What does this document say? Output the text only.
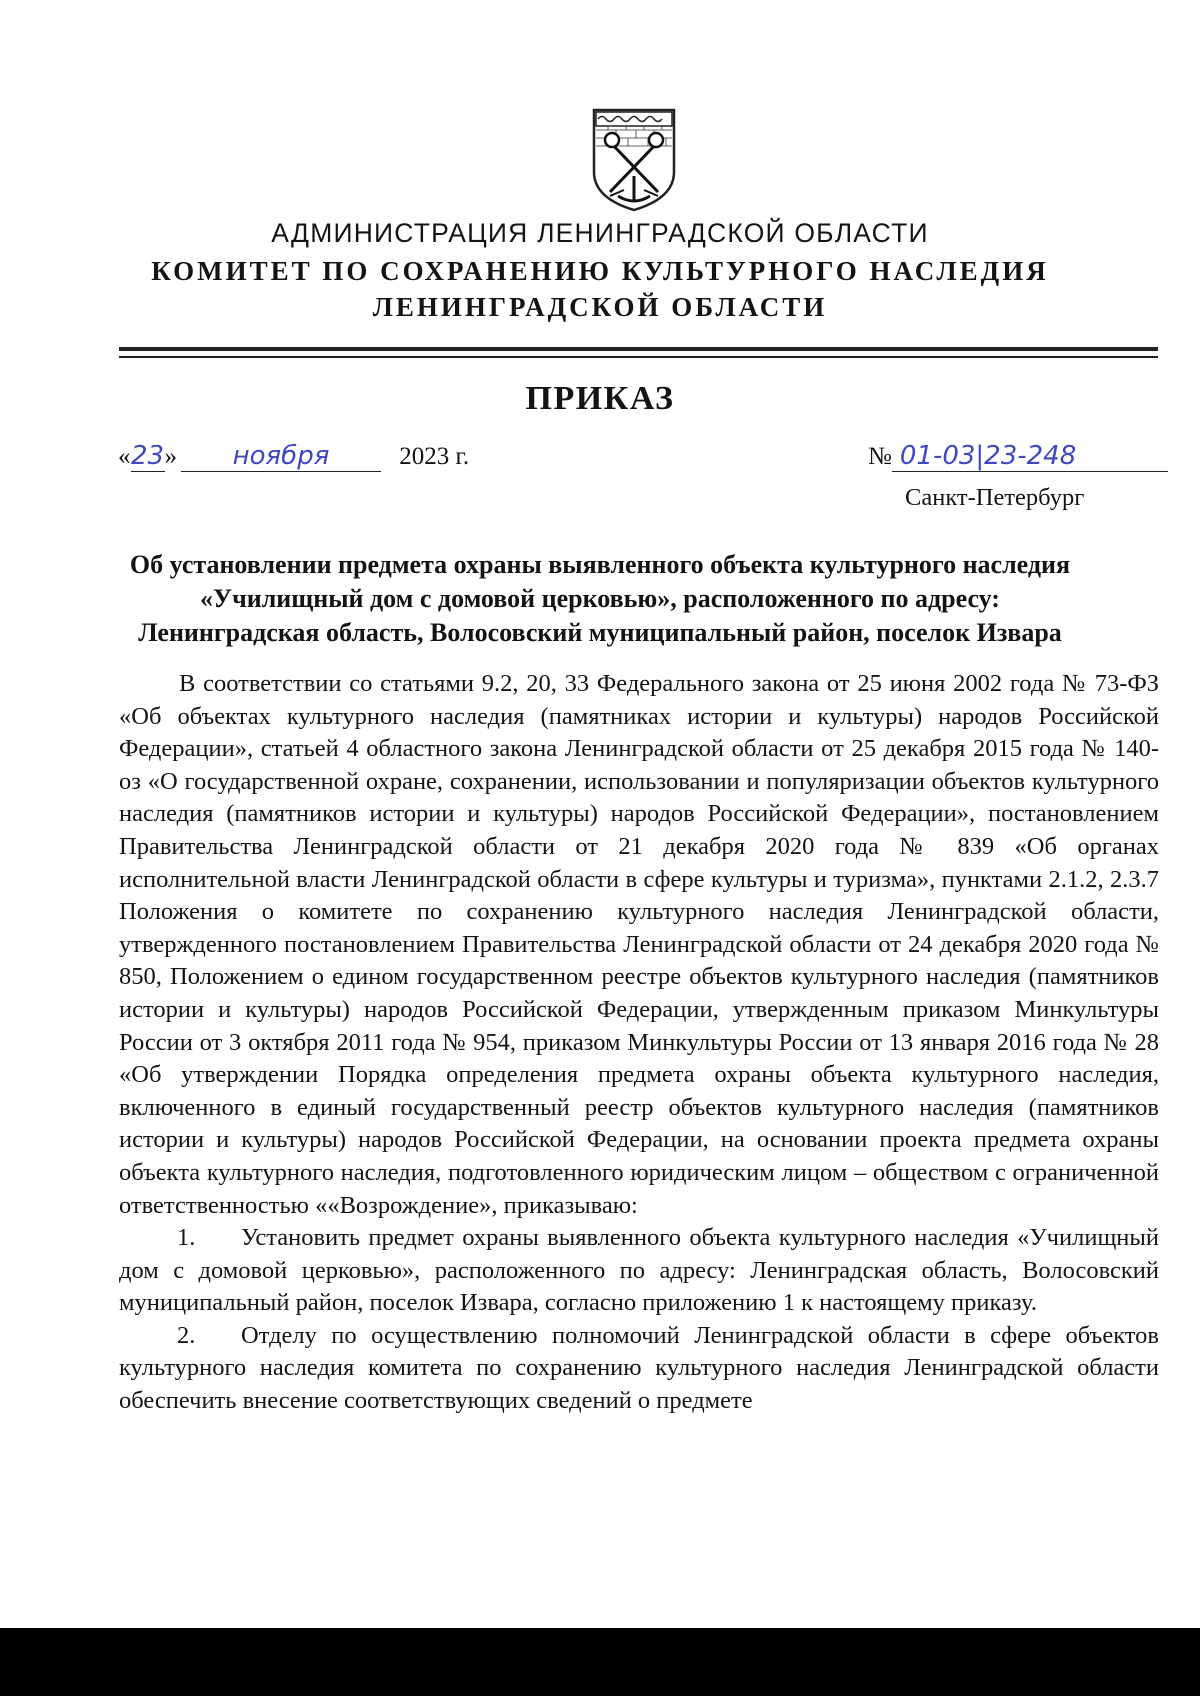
АДМИНИСТРАЦИЯ ЛЕНИНГРАДСКОЙ ОБЛАСТИ
КОМИТЕТ ПО СОХРАНЕНИЮ КУЛЬТУРНОГО НАСЛЕДИЯ
ЛЕНИНГРАДСКОЙ ОБЛАСТИ
ПРИКАЗ
«23» ноября	2023 г.	№ 01-03|23-248
Санкт-Петербург
Об установлении предмета охраны выявленного объекта культурного наследия
«Училищный дом с домовой церковью», расположенного по адресу:
Ленинградская область, Волосовский муниципальный район, поселок Извара

В соответствии со статьями 9.2, 20, 33 Федерального закона от 25 июня 2002 года № 73-ФЗ «Об объектах культурного наследия (памятниках истории и культуры) народов Российской Федерации», статьей 4 областного закона Ленинградской области от 25 декабря 2015 года № 140-оз «О государственной охране, сохранении, использовании и популяризации объектов культурного наследия (памятников истории и культуры) народов Российской Федерации», постановлением Правительства Ленинградской области от 21 декабря 2020 года № 839 «Об органах исполнительной власти Ленинградской области в сфере культуры и туризма», пунктами 2.1.2, 2.3.7 Положения о комитете по сохранению культурного наследия Ленинградской области, утвержденного постановлением Правительства Ленинградской области от 24 декабря 2020 года № 850, Положением о едином государственном реестре объектов культурного наследия (памятников истории и культуры) народов Российской Федерации, утвержденным приказом Минкультуры России от 3 октября 2011 года № 954, приказом Минкультуры России от 13 января 2016 года № 28 «Об утверждении Порядка определения предмета охраны объекта культурного наследия, включенного в единый государственный реестр объектов культурного наследия (памятников истории и культуры) народов Российской Федерации, на основании проекта предмета охраны объекта культурного наследия, подготовленного юридическим лицом – обществом с ограниченной ответственностью ««Возрождение», приказываю:

1. Установить предмет охраны выявленного объекта культурного наследия «Училищный дом с домовой церковью», расположенного по адресу: Ленинградская область, Волосовский муниципальный район, поселок Извара, согласно приложению 1 к настоящему приказу.

2. Отделу по осуществлению полномочий Ленинградской области в сфере объектов культурного наследия комитета по сохранению культурного наследия Ленинградской области обеспечить внесение соответствующих сведений о предмете
